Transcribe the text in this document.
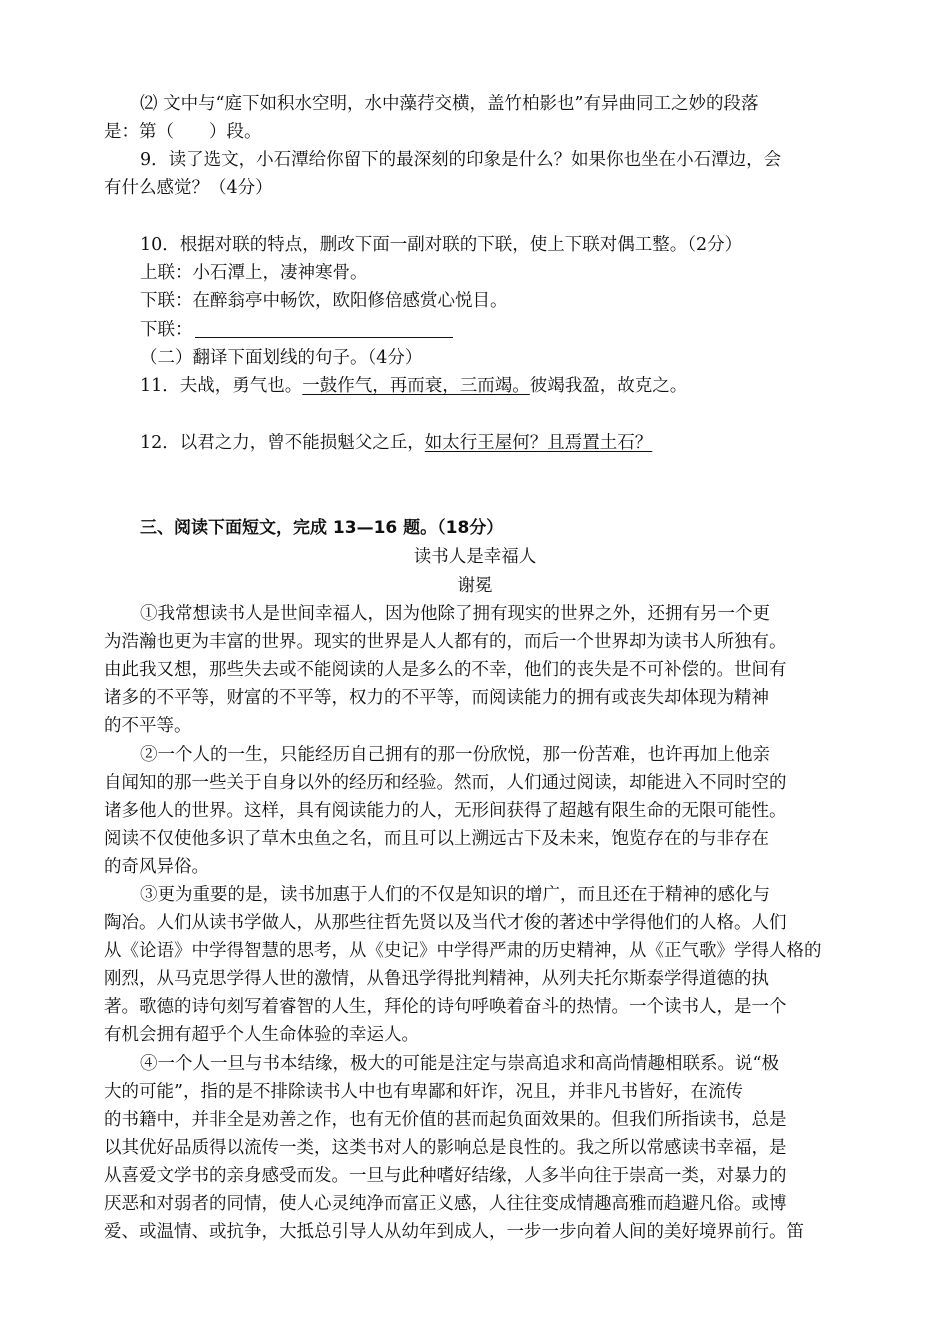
⑵ 文中与“庭下如积水空明，水中藻荇交横，盖竹柏影也”有异曲同工之妙的段落
是：第（　　）段。
9．读了选文，小石潭给你留下的最深刻的印象是什么？如果你也坐在小石潭边，会
有什么感觉？（4分）
10．根据对联的特点，删改下面一副对联的下联，使上下联对偶工整。（2分）
上联：小石潭上，凄神寒骨。
下联：在醉翁亭中畅饮，欧阳修倍感赏心悦目。
下联：
（二）翻译下面划线的句子。（4分）
11．夫战，勇气也。一鼓作气，再而衰，三而竭。彼竭我盈，故克之。
12．以君之力，曾不能损魁父之丘，如太行王屋何？且焉置土石？
三、阅读下面短文，完成 13—16 题。（18分）
读书人是幸福人
谢冕
①我常想读书人是世间幸福人，因为他除了拥有现实的世界之外，还拥有另一个更
为浩瀚也更为丰富的世界。现实的世界是人人都有的，而后一个世界却为读书人所独有。
由此我又想，那些失去或不能阅读的人是多么的不幸，他们的丧失是不可补偿的。世间有
诸多的不平等，财富的不平等，权力的不平等，而阅读能力的拥有或丧失却体现为精神
的不平等。
②一个人的一生，只能经历自己拥有的那一份欣悦，那一份苦难，也许再加上他亲
自闻知的那一些关于自身以外的经历和经验。然而，人们通过阅读，却能进入不同时空的
诸多他人的世界。这样，具有阅读能力的人，无形间获得了超越有限生命的无限可能性。
阅读不仅使他多识了草木虫鱼之名，而且可以上溯远古下及未来，饱览存在的与非存在
的奇风异俗。
③更为重要的是，读书加惠于人们的不仅是知识的增广，而且还在于精神的感化与
陶冶。人们从读书学做人，从那些往哲先贤以及当代才俊的著述中学得他们的人格。人们
从《论语》中学得智慧的思考，从《史记》中学得严肃的历史精神，从《正气歌》学得人格的
刚烈，从马克思学得人世的激情，从鲁迅学得批判精神，从列夫托尔斯泰学得道德的执
著。歌德的诗句刻写着睿智的人生，拜伦的诗句呼唤着奋斗的热情。一个读书人，是一个
有机会拥有超乎个人生命体验的幸运人。
④一个人一旦与书本结缘，极大的可能是注定与崇高追求和高尚情趣相联系。说“极
大的可能”，指的是不排除读书人中也有卑鄙和奸诈，况且，并非凡书皆好，在流传
的书籍中，并非全是劝善之作，也有无价值的甚而起负面效果的。但我们所指读书，总是
以其优好品质得以流传一类，这类书对人的影响总是良性的。我之所以常感读书幸福，是
从喜爱文学书的亲身感受而发。一旦与此种嗜好结缘，人多半向往于崇高一类，对暴力的
厌恶和对弱者的同情，使人心灵纯净而富正义感，人往往变成情趣高雅而趋避凡俗。或博
爱、或温情、或抗争，大抵总引导人从幼年到成人，一步一步向着人间的美好境界前行。笛
